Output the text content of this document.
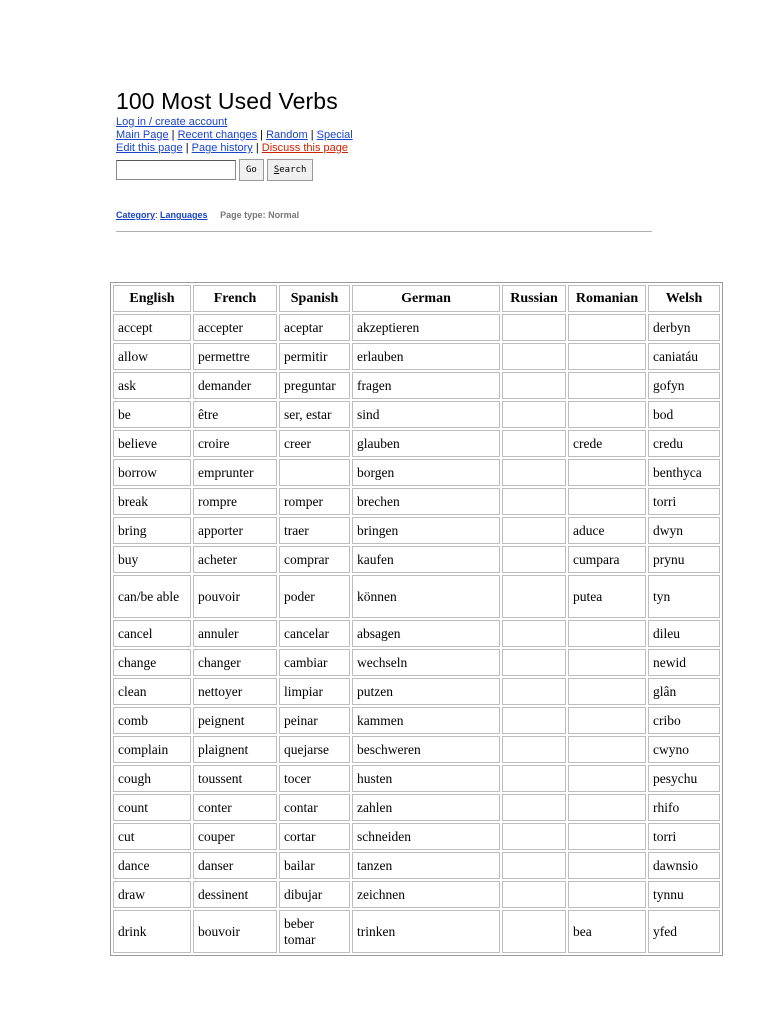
100 Most Used Verbs
Log in / create account
Main Page | Recent changes | Random | Special
Edit this page | Page history | Discuss this page
Go	Search
Category: Languages Page type: Normal
English	French	Spanish	German	Russian	Romanian	Welsh
accept	accepter	aceptar	akzeptieren			derbyn
allow	permettre	permitir	erlauben			caniatáu
ask	demander	preguntar	fragen			gofyn
be	être	ser, estar	sind			bod
believe	croire	creer	glauben		crede	credu
borrow	emprunter		borgen			benthyca
break	rompre	romper	brechen			torri
bring	apporter	traer	bringen		aduce	dwyn
buy	acheter	comprar	kaufen		cumpara	prynu
can/be able	pouvoir	poder	können		putea	tyn
cancel	annuler	cancelar	absagen			dileu
change	changer	cambiar	wechseln			newid
clean	nettoyer	limpiar	putzen			glân
comb	peignent	peinar	kammen			cribo
complain	plaignent	quejarse	beschweren			cwyno
cough	toussent	tocer	husten			pesychu
count	conter	contar	zahlen			rhifo
cut	couper	cortar	schneiden			torri
dance	danser	bailar	tanzen			dawnsio
draw	dessinent	dibujar	zeichnen			tynnu
drink	bouvoir	beber tomar	trinken		bea	yfed
